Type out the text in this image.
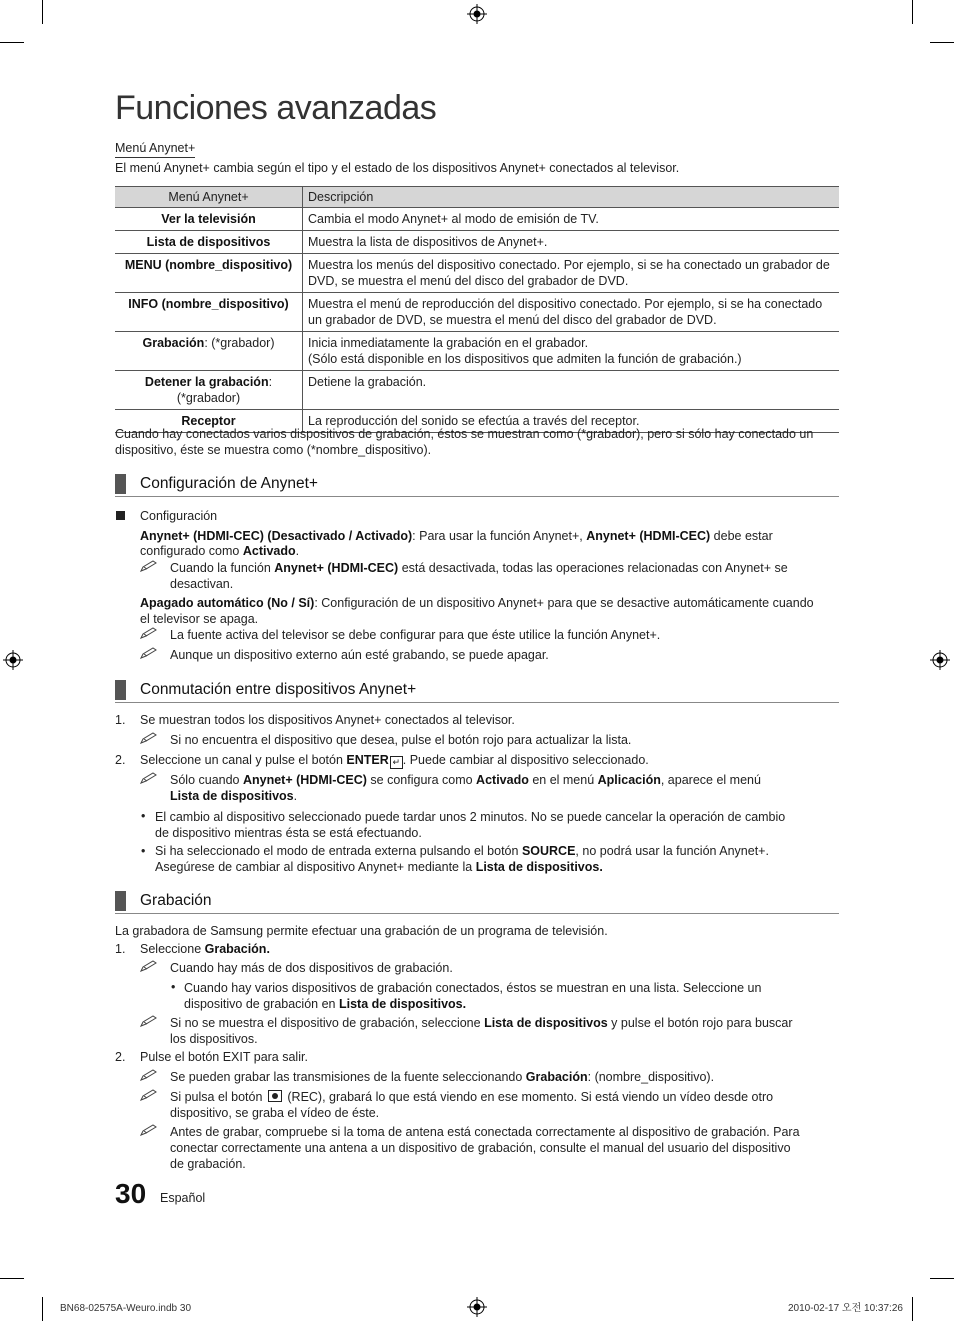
Funciones avanzadas
Menú Anynet+
El menú Anynet+ cambia según el tipo y el estado de los dispositivos Anynet+ conectados al televisor.
Menú Anynet+	Descripción
Ver la televisión	Cambia el modo Anynet+ al modo de emisión de TV.
Lista de dispositivos	Muestra la lista de dispositivos de Anynet+.
MENU (nombre_dispositivo)	Muestra los menús del dispositivo conectado. Por ejemplo, si se ha conectado un grabador de DVD, se muestra el menú del disco del grabador de DVD.
INFO (nombre_dispositivo)	Muestra el menú de reproducción del dispositivo conectado. Por ejemplo, si se ha conectado un grabador de DVD, se muestra el menú del disco del grabador de DVD.
Grabación: (*grabador)	Inicia inmediatamente la grabación en el grabador.
(Sólo está disponible en los dispositivos que admiten la función de grabación.)

Detener la grabación:
(*grabador)	Detiene la grabación.
Receptor	La reproducción del sonido se efectúa a través del receptor.
Cuando hay conectados varios dispositivos de grabación, éstos se muestran como (*grabador), pero si sólo hay conectado un dispositivo, éste se muestra como (*nombre_dispositivo).
Configuración de Anynet+
Configuración
Anynet+ (HDMI-CEC) (Desactivado / Activado): Para usar la función Anynet+, Anynet+ (HDMI-CEC) debe estar
configurado como Activado.
Cuando la función Anynet+ (HDMI-CEC) está desactivada, todas las operaciones relacionadas con Anynet+ se
desactivan.
Apagado automático (No / Sí): Configuración de un dispositivo Anynet+ para que se desactive automáticamente cuando
el televisor se apaga.
La fuente activa del televisor se debe configurar para que éste utilice la función Anynet+.
Aunque un dispositivo externo aún esté grabando, se puede apagar.
Conmutación entre dispositivos Anynet+
1. Se muestran todos los dispositivos Anynet+ conectados al televisor.
Si no encuentra el dispositivo que desea, pulse el botón rojo para actualizar la lista.
2. Seleccione un canal y pulse el botón ENTER ↵ . Puede cambiar al dispositivo seleccionado.
Sólo cuando Anynet+ (HDMI-CEC) se configura como Activado en el menú Aplicación, aparece el menú
Lista de dispositivos.
• El cambio al dispositivo seleccionado puede tardar unos 2 minutos. No se puede cancelar la operación de cambio
de dispositivo mientras ésta se está efectuando.
• Si ha seleccionado el modo de entrada externa pulsando el botón SOURCE, no podrá usar la función Anynet+.
Asegúrese de cambiar al dispositivo Anynet+ mediante la Lista de dispositivos.
Grabación
La grabadora de Samsung permite efectuar una grabación de un programa de televisión.
1. Seleccione Grabación.
Cuando hay más de dos dispositivos de grabación.
• Cuando hay varios dispositivos de grabación conectados, éstos se muestran en una lista. Seleccione un
dispositivo de grabación en Lista de dispositivos.
Si no se muestra el dispositivo de grabación, seleccione Lista de dispositivos y pulse el botón rojo para buscar
los dispositivos.
2. Pulse el botón EXIT para salir.
Se pueden grabar las transmisiones de la fuente seleccionando Grabación: (nombre_dispositivo).
Si pulsa el botón  (REC), grabará lo que está viendo en ese momento. Si está viendo un vídeo desde otro
dispositivo, se graba el vídeo de éste.
Antes de grabar, compruebe si la toma de antena está conectada correctamente al dispositivo de grabación. Para
conectar correctamente una antena a un dispositivo de grabación, consulte el manual del usuario del dispositivo
de grabación.
30 Español
BN68-02575A-Weuro.indb 30	2010-02-17 오전 10:37:26
